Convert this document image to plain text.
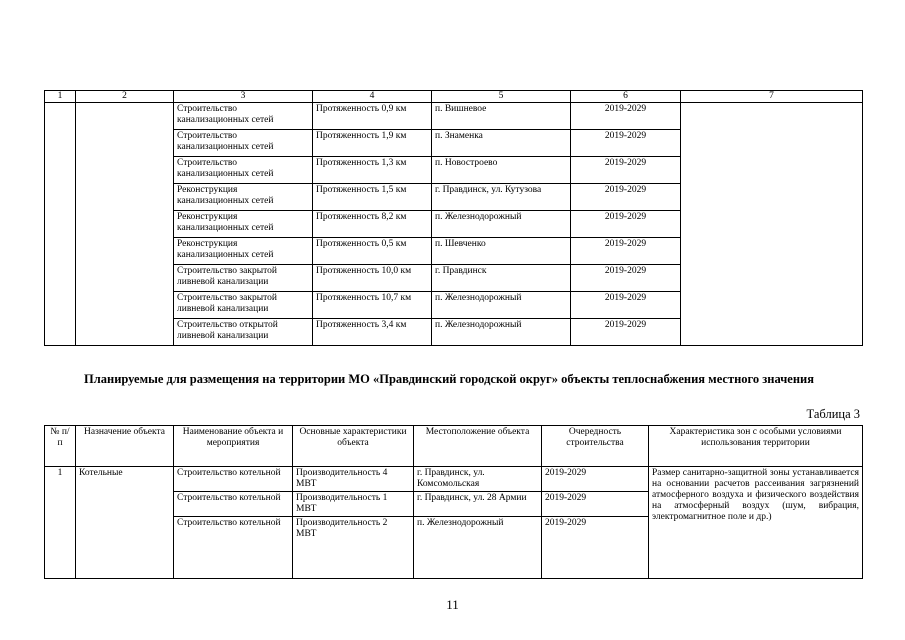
1	2	3	4	5	6	7
		Строительство канализационных сетей	Протяженность 0,9 км	п. Вишневое	2019-2029	
		Строительство канализационных сетей	Протяженность 1,9 км	п. Знаменка	2019-2029	
		Строительство канализационных сетей	Протяженность 1,3 км	п. Новостроево	2019-2029	
		Реконструкция канализационных сетей	Протяженность 1,5 км	г. Правдинск, ул. Кутузова	2019-2029	
		Реконструкция канализационных сетей	Протяженность 8,2 км	п. Железнодорожный	2019-2029	
		Реконструкция канализационных сетей	Протяженность 0,5 км	п. Шевченко	2019-2029	
		Строительство закрытой ливневой канализации	Протяженность 10,0 км	г. Правдинск	2019-2029	
		Строительство закрытой ливневой канализации	Протяженность 10,7 км	п. Железнодорожный	2019-2029	
		Строительство открытой ливневой канализации	Протяженность 3,4 км	п. Железнодорожный	2019-2029	
Планируемые для размещения на территории МО «Правдинский городской округ» объекты теплоснабжения местного значения
Таблица 3
№ п/п	Назначение объекта	Наименование объекта и мероприятия	Основные характеристики объекта	Местоположение объекта	Очередность строительства	Характеристика зон с особыми условиями использования территории
1	Котельные	Строительство котельной	Производительность 4 МВТ	г. Правдинск, ул. Комсомольская	2019-2029	Размер санитарно-защитной зоны устанавливается на основании расчетов рассеивания загрязнений атмосферного воздуха и физического воздействия на атмосферный воздух (шум, вибрация, электромагнитное поле и др.)
		Строительство котельной	Производительность 1 МВТ	г. Правдинск, ул. 28 Армии	2019-2029	
		Строительство котельной	Производительность 2 МВТ	п. Железнодорожный	2019-2029	
11
